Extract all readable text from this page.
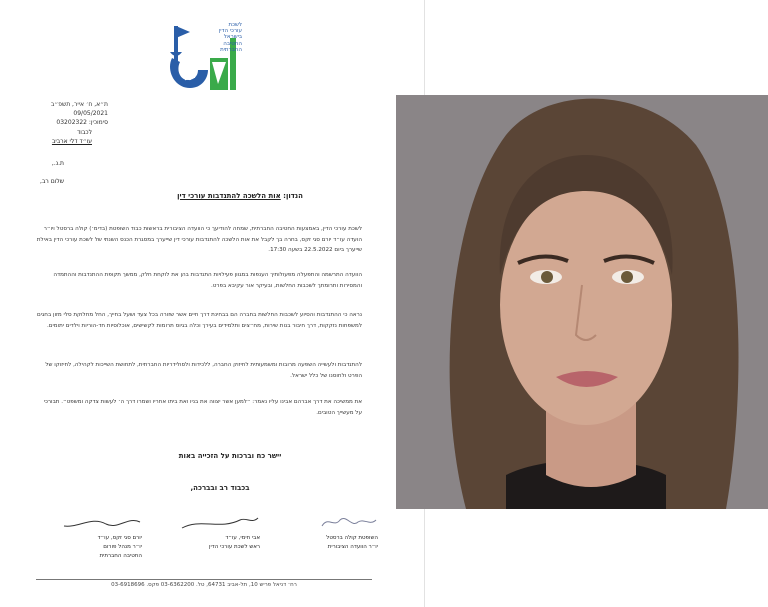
לשכת
עורכי הדין
בישראל
החטיבה
החברתית
ת״א, ח׳ אייר, תשפ״ב
09/05/2021
סימוכין: 03202322
לכבוד
עו״ד דלי ארביב
ת.נ.,
שלום רב,
הנדון: אות הלשכה להתנדבות עורכי דין
לשכת עורכי הדין, באמצעות החטיבה החברתית, שמחה להודיעך כי הוועדה הציבורית בראשות כבוד השופטת (בדימ׳) קולה ברסטל ויו״ר הועדה עו״ד יורם סגי זקס, בחרה בך לקבל את אות הלשכה להתנדבות עורכי דין שייערך במסגרת הכנס השנתי של לשכת עורכי הדין באילת שייערך ביום 22.5.2022 בשעה 17:30.
הוועדה התרשמה והתפעלה מפעולותיך הענפות במגוון פעילויות התנדבות בהן את לוקחת חלק, ממשך תקופת ההתנדבות וההתמדה והמסירות ותרומתך לשכבות החלשות, ובעיקר אור עקיבא בפרט.
נראה כי ההתנדבות והסיוע לשכבות החלשות בחברה הם בבחינת דרך חיים אשר שזורה בכל צעד ושעל בחייך, החל מחלוקת סלי מזון בחגים למשפחות נזקקות, דרך חיבור בנות שירות, מח״צים ותלמידים בעירך וכלה בגיוס תרומות לקשישים, אוכלוסיות חד-הוריות וילדים יתומים.
להתנדבות ולעשייה השפעה מרובות ומשמעותית לחיזוק החברה, ללכידות ולסולידריות החברתית, לתחושת השייכות לקהילה, לחיזוקו של הפרט ולחוסנו של כלל ישראל.
את ממשיכה את דרך אברהם אבינו עליו נאמר: ״למען אשר יצווה את בניו ואת ביתו אחריו ושמרו דרך ה׳ לעשות צדקה ומשפט״. תבורכי על מעשייך הטובים.
יישר כח וברכות על הזכייה באות
בכבוד רב ובברכה,
השופטת קולה ברסטל
יו״ר הוועדה הציבורית
אבי חימי, עו״ד
ראש לשכת עורכי הדין
יורם סגי זקס, עו״ד
יו״ר מנהל פורום
החטיבה החברתית
רח׳ דניאל פריש 10, תל-אביב 64731, טל. 03-6362200 פקס. 03-6918696
